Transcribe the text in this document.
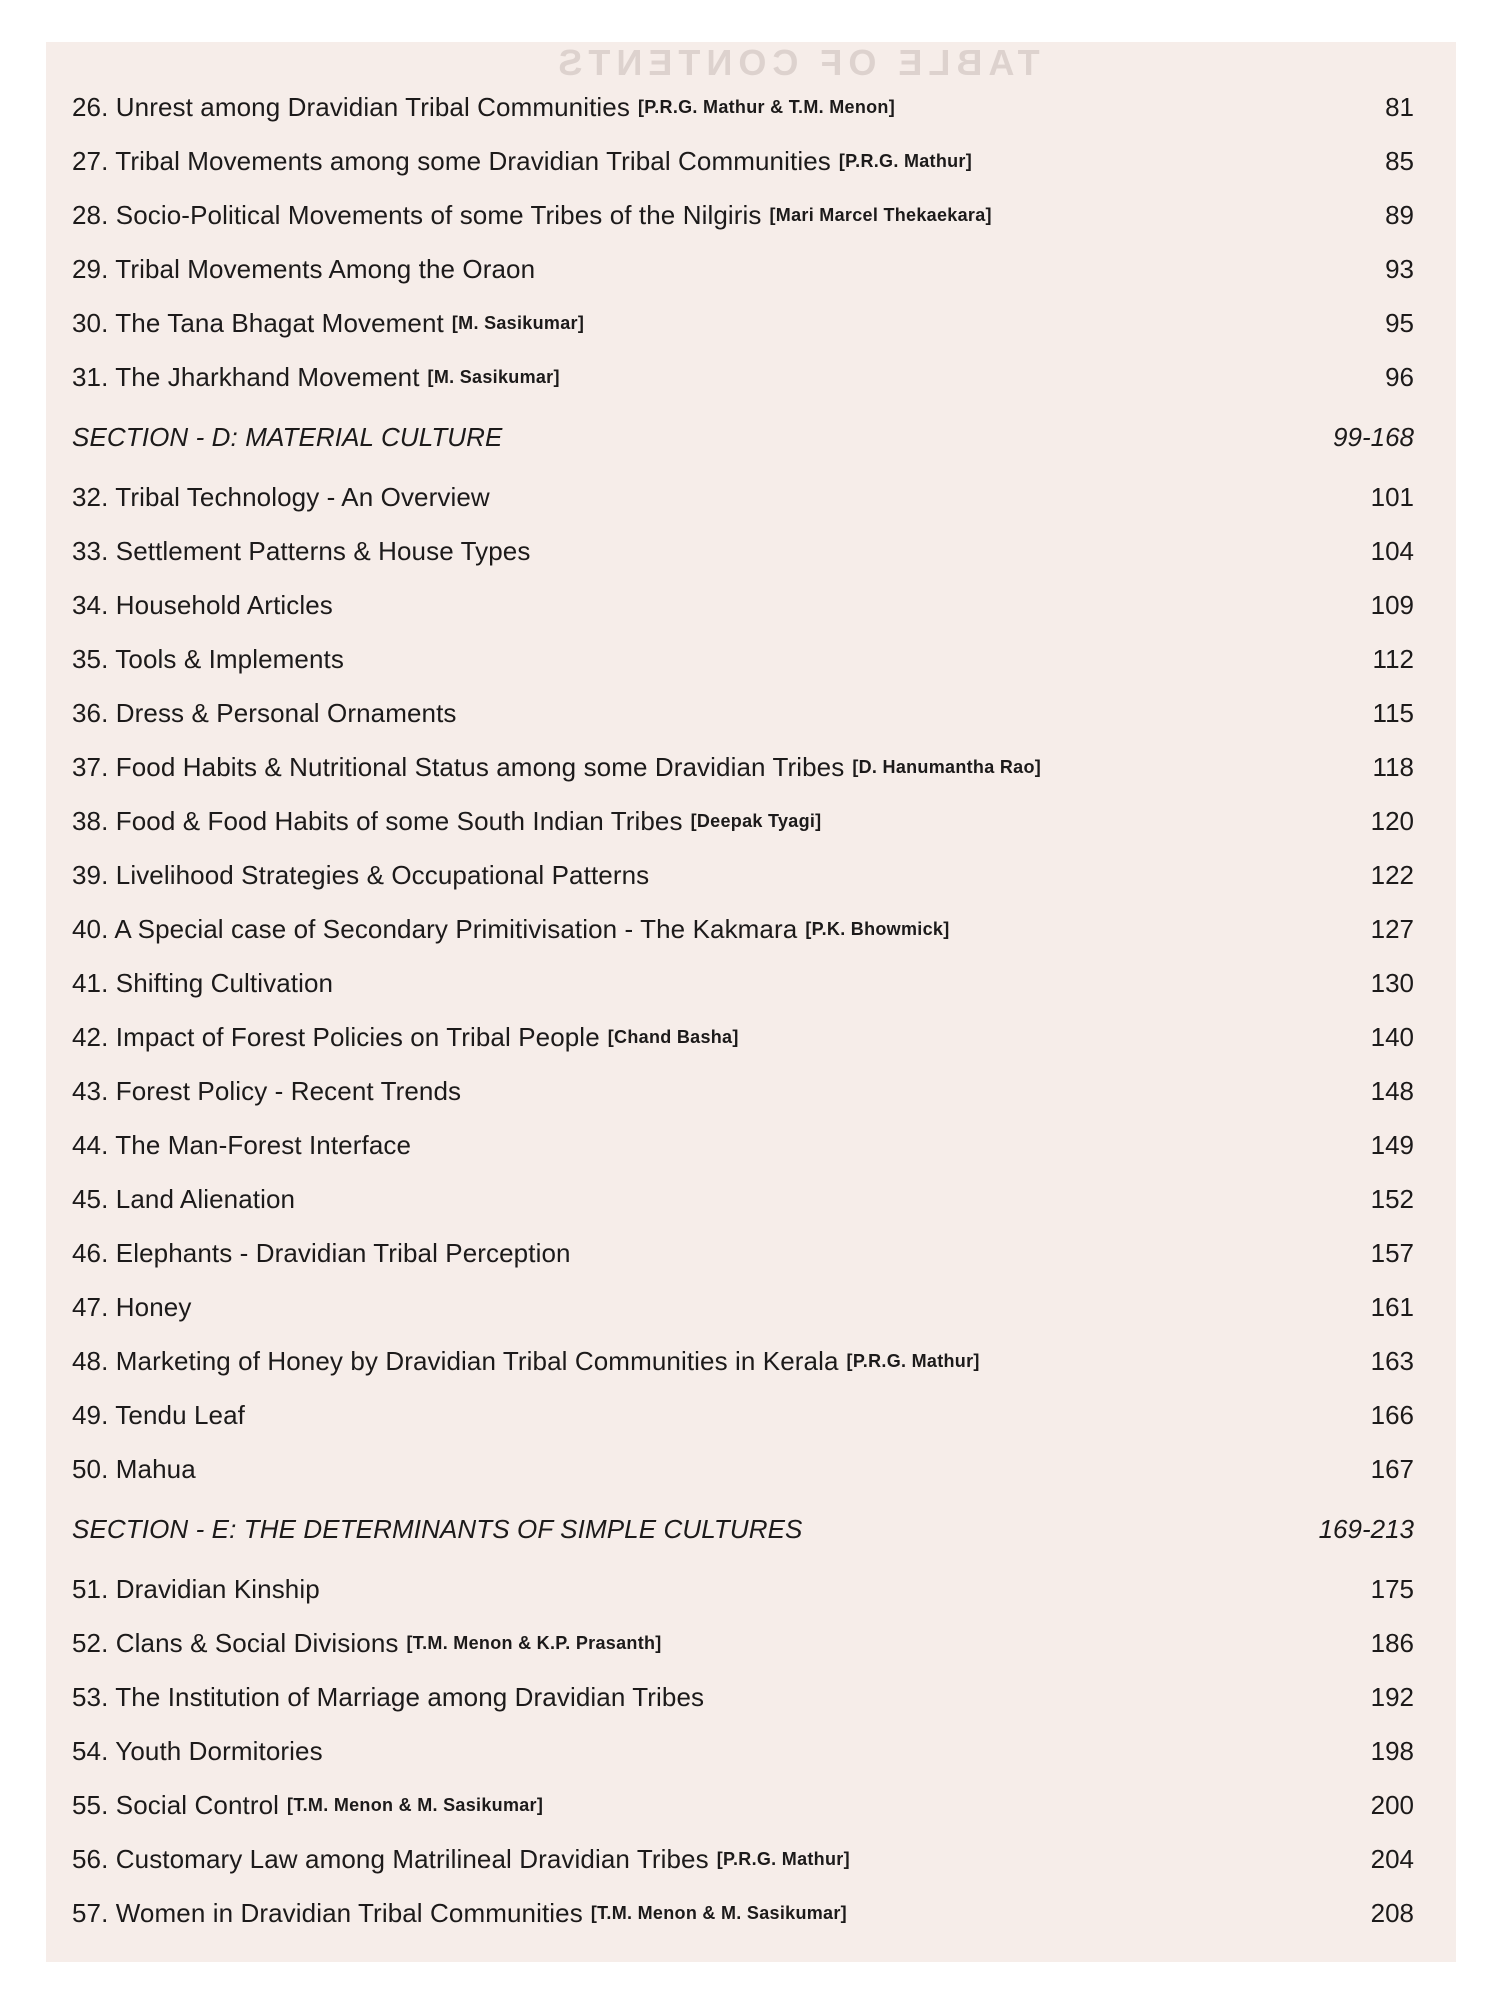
TABLE OF CONTENTS
26. Unrest among Dravidian Tribal Communities [P.R.G. Mathur & T.M. Menon]	81
27. Tribal Movements among some Dravidian Tribal Communities [P.R.G. Mathur]	85
28. Socio-Political Movements of some Tribes of the Nilgiris [Mari Marcel Thekaekara]	89
29. Tribal Movements Among the Oraon	93
30. The Tana Bhagat Movement [M. Sasikumar]	95
31. The Jharkhand Movement [M. Sasikumar]	96
SECTION - D: MATERIAL CULTURE	99-168
32. Tribal Technology - An Overview	101
33. Settlement Patterns & House Types	104
34. Household Articles	109
35. Tools & Implements	112
36. Dress & Personal Ornaments	115
37. Food Habits & Nutritional Status among some Dravidian Tribes [D. Hanumantha Rao]	118
38. Food & Food Habits of some South Indian Tribes [Deepak Tyagi]	120
39. Livelihood Strategies & Occupational Patterns	122
40. A Special case of Secondary Primitivisation - The Kakmara [P.K. Bhowmick]	127
41. Shifting Cultivation	130
42. Impact of Forest Policies on Tribal People [Chand Basha]	140
43. Forest Policy - Recent Trends	148
44. The Man-Forest Interface	149
45. Land Alienation	152
46. Elephants - Dravidian Tribal Perception	157
47. Honey	161
48. Marketing of Honey by Dravidian Tribal Communities in Kerala [P.R.G. Mathur]	163
49. Tendu Leaf	166
50. Mahua	167
SECTION - E: THE DETERMINANTS OF SIMPLE CULTURES	169-213
51. Dravidian Kinship	175
52. Clans & Social Divisions [T.M. Menon & K.P. Prasanth]	186
53. The Institution of Marriage among Dravidian Tribes	192
54. Youth Dormitories	198
55. Social Control [T.M. Menon & M. Sasikumar]	200
56. Customary Law among Matrilineal Dravidian Tribes [P.R.G. Mathur]	204
57. Women in Dravidian Tribal Communities [T.M. Menon & M. Sasikumar]	208
